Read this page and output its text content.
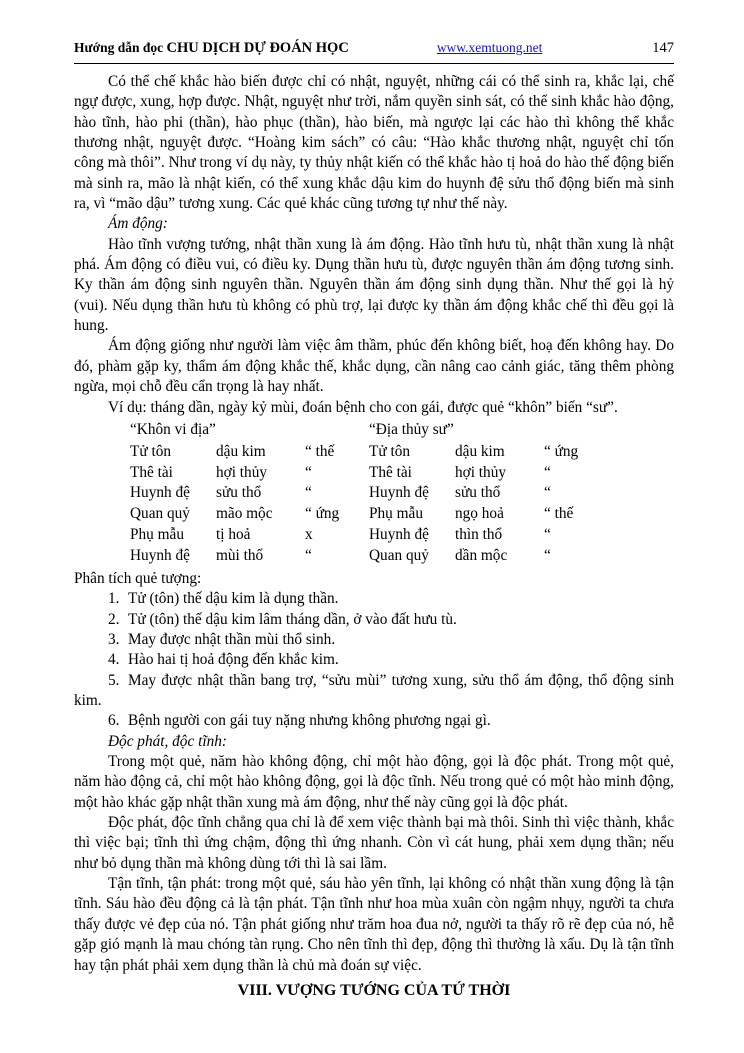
Hướng dẫn đọc CHU DỊCH DỰ ĐOÁN HỌC	www.xemtuong.net	147

Có thể chế khắc hào biến được chỉ có nhật, nguyệt, những cái có thể sinh ra, khắc lại, chế ngự được, xung, hợp được. Nhật, nguyệt như trời, nắm quyền sinh sát, có thể sinh khắc hào động, hào tĩnh, hào phi (thần), hào phục (thần), hào biến, mà ngược lại các hào thì không thể khắc thương nhật, nguyệt được. “Hoàng kim sách” có câu: “Hào khắc thương nhật, nguyệt chỉ tốn công mà thôi”. Như trong ví dụ này, ty thủy nhật kiến có thể khắc hào tị hoả do hào thế động biến mà sinh ra, mão là nhật kiến, có thể xung khắc dậu kim do huynh đệ sửu thổ động biến mà sinh ra, vì “mão dậu” tương xung. Các quẻ khác cũng tương tự như thế này.

Ám động:

Hào tĩnh vượng tướng, nhật thần xung là ám động. Hào tĩnh hưu tù, nhật thần xung là nhật phá. Ám động có điều vui, có điều ky. Dụng thần hưu tù, được nguyên thần ám động tương sinh. Ky thần ám động sinh nguyên thần. Nguyên thần ám động sinh dụng thần. Như thế gọi là hỷ (vui). Nếu dụng thần hưu tù không có phù trợ, lại được ky thần ám động khắc chế thì đều gọi là hung.

Ám động giống như người làm việc âm thầm, phúc đến không biết, hoạ đến không hay. Do đó, phàm gặp ky, thẩm ám động khắc thế, khắc dụng, cần nâng cao cảnh giác, tăng thêm phòng ngừa, mọi chỗ đều cẩn trọng là hay nhất.

Ví dụ: tháng dần, ngày kỷ mùi, đoán bệnh cho con gái, được quẻ “khôn” biến “sư”.

“Khôn vi địa”			“Địa thủy sư”			
Tử tôn	dậu kim	“ thế	Tử tôn	dậu kim	“ ứng	
Thê tài	hợi thủy	“	Thê tài	hợi thủy	“	
Huynh đệ	sửu thổ	“	Huynh đệ	sửu thổ	“	
Quan quỷ	mão mộc	“ ứng	Phụ mẫu	ngọ hoả	“ thế	
Phụ mẫu	tị hoả	x	Huynh đệ	thìn thổ	“	
Huynh đệ	mùi thổ	“	Quan quỷ	dần mộc	“	

Phân tích quẻ tượng:

1. Tử (tôn) thế dậu kim là dụng thần.
2. Tử (tôn) thế dậu kim lâm tháng dần, ở vào đất hưu tù.
3. May được nhật thần mùi thổ sinh.
4. Hào hai tị hoả động đến khắc kim.
5. May được nhật thần bang trợ, “sửu mùi” tương xung, sửu thổ ám động, thổ động sinh kim.
6. Bệnh người con gái tuy nặng nhưng không phương ngại gì.

Độc phát, độc tĩnh:

Trong một quẻ, năm hào không động, chỉ một hào động, gọi là độc phát. Trong một quẻ, năm hào động cả, chỉ một hào không động, gọi là độc tĩnh. Nếu trong quẻ có một hào minh động, một hào khác gặp nhật thần xung mà ám động, như thế này cũng gọi là độc phát.

Độc phát, độc tĩnh chẳng qua chỉ là để xem việc thành bại mà thôi. Sinh thì việc thành, khắc thì việc bại; tĩnh thì ứng chậm, động thì ứng nhanh. Còn vì cát hung, phải xem dụng thần; nếu như bỏ dụng thần mà không dùng tới thì là sai lầm.

Tận tĩnh, tận phát: trong một quẻ, sáu hào yên tĩnh, lại không có nhật thần xung động là tận tĩnh. Sáu hào đều động cả là tận phát. Tận tĩnh như hoa mùa xuân còn ngậm nhụy, người ta chưa thấy được vẻ đẹp của nó. Tận phát giống như trăm hoa đua nở, người ta thấy rõ rẽ đẹp của nó, hễ gặp gió mạnh là mau chóng tàn rụng. Cho nên tĩnh thì đẹp, động thì thường là xấu. Dụ là tận tĩnh hay tận phát phải xem dụng thần là chủ mà đoán sự việc.

VIII. VƯỢNG TƯỚNG CỦA TỨ THỜI
